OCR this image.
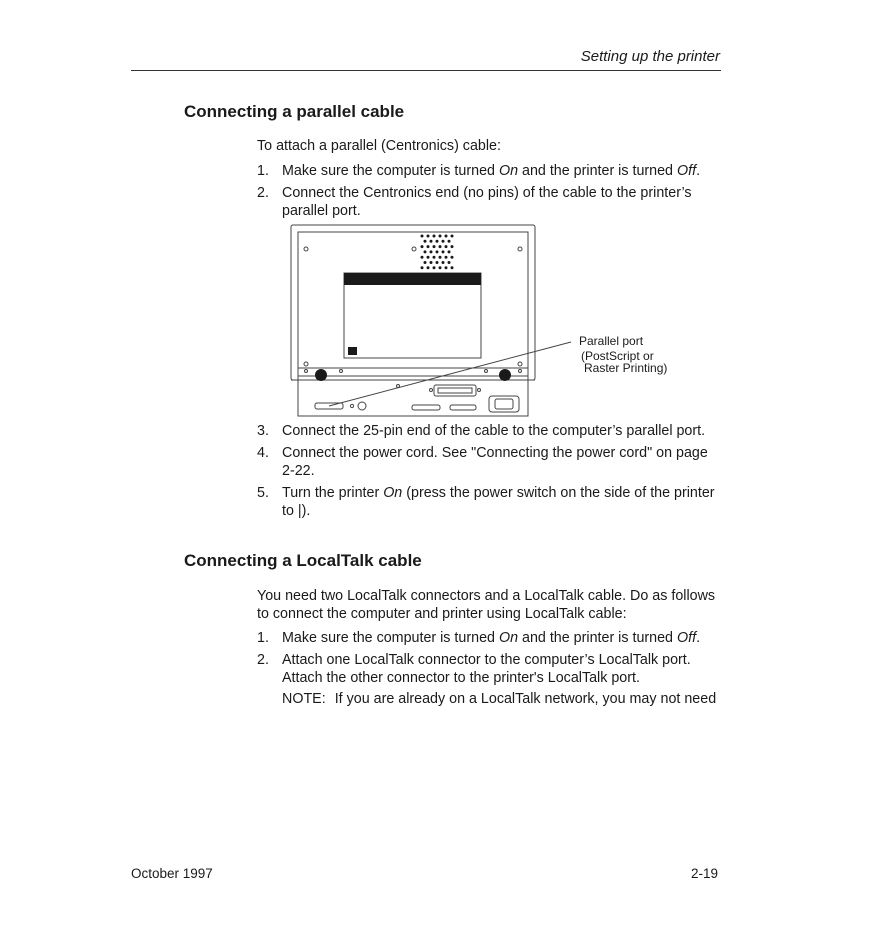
Setting up the printer
Connecting a parallel cable

To attach a parallel (Centronics) cable:

1. Make sure the computer is turned On and the printer is turned Off.
2. Connect the Centronics end (no pins) of the cable to the printer’s parallel port.
Parallel port
(PostScript or
Raster Printing)
3. Connect the 25-pin end of the cable to the computer’s parallel port.
4. Connect the power cord. See "Connecting the power cord" on page 2-22.
5. Turn the printer On (press the power switch on the side of the printer to |).
Connecting a LocalTalk cable

You need two LocalTalk connectors and a LocalTalk cable. Do as follows to connect the computer and printer using LocalTalk cable:

1. Make sure the computer is turned On and the printer is turned Off.
2. Attach one LocalTalk connector to the computer’s LocalTalk port. Attach the other connector to the printer's LocalTalk port.
NOTE: If you are already on a LocalTalk network, you may not need
October 1997	2-19
